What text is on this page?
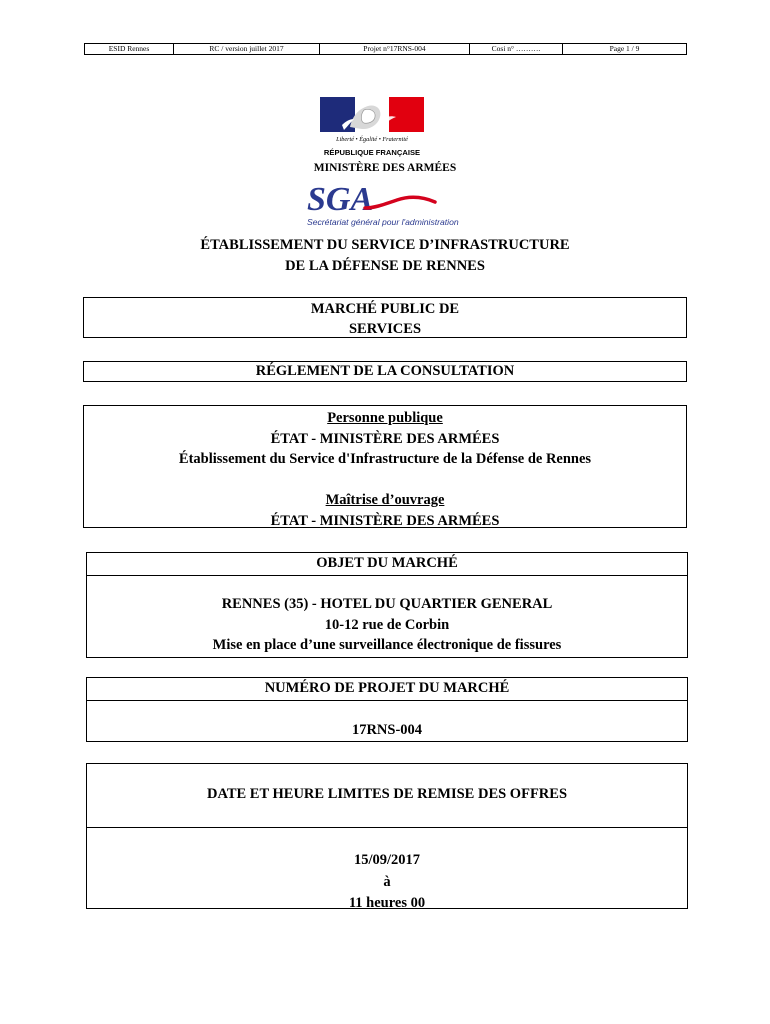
ESID Rennes	RC / version juillet 2017	Projet n°17RNS-004	Cosi n° ……….	Page 1 / 9
Liberté • Égalité • Fraternité
RÉPUBLIQUE FRANÇAISE
MINISTÈRE DES ARMÉES
SGA
Secrétariat général pour l'administration
ÉTABLISSEMENT DU SERVICE D’INFRASTRUCTURE
DE LA DÉFENSE DE RENNES
MARCHÉ PUBLIC DE
SERVICES
RÉGLEMENT DE LA CONSULTATION
Personne publique
ÉTAT - MINISTÈRE DES ARMÉES
Établissement du Service d'Infrastructure de la Défense de Rennes
Maîtrise d’ouvrage
ÉTAT - MINISTÈRE DES ARMÉES
OBJET DU MARCHÉ
RENNES (35) - HOTEL DU QUARTIER GENERAL
10-12 rue de Corbin
Mise en place d’une surveillance électronique de fissures
NUMÉRO DE PROJET DU MARCHÉ
17RNS-004
DATE ET HEURE LIMITES DE REMISE DES OFFRES
15/09/2017
à
11 heures 00
